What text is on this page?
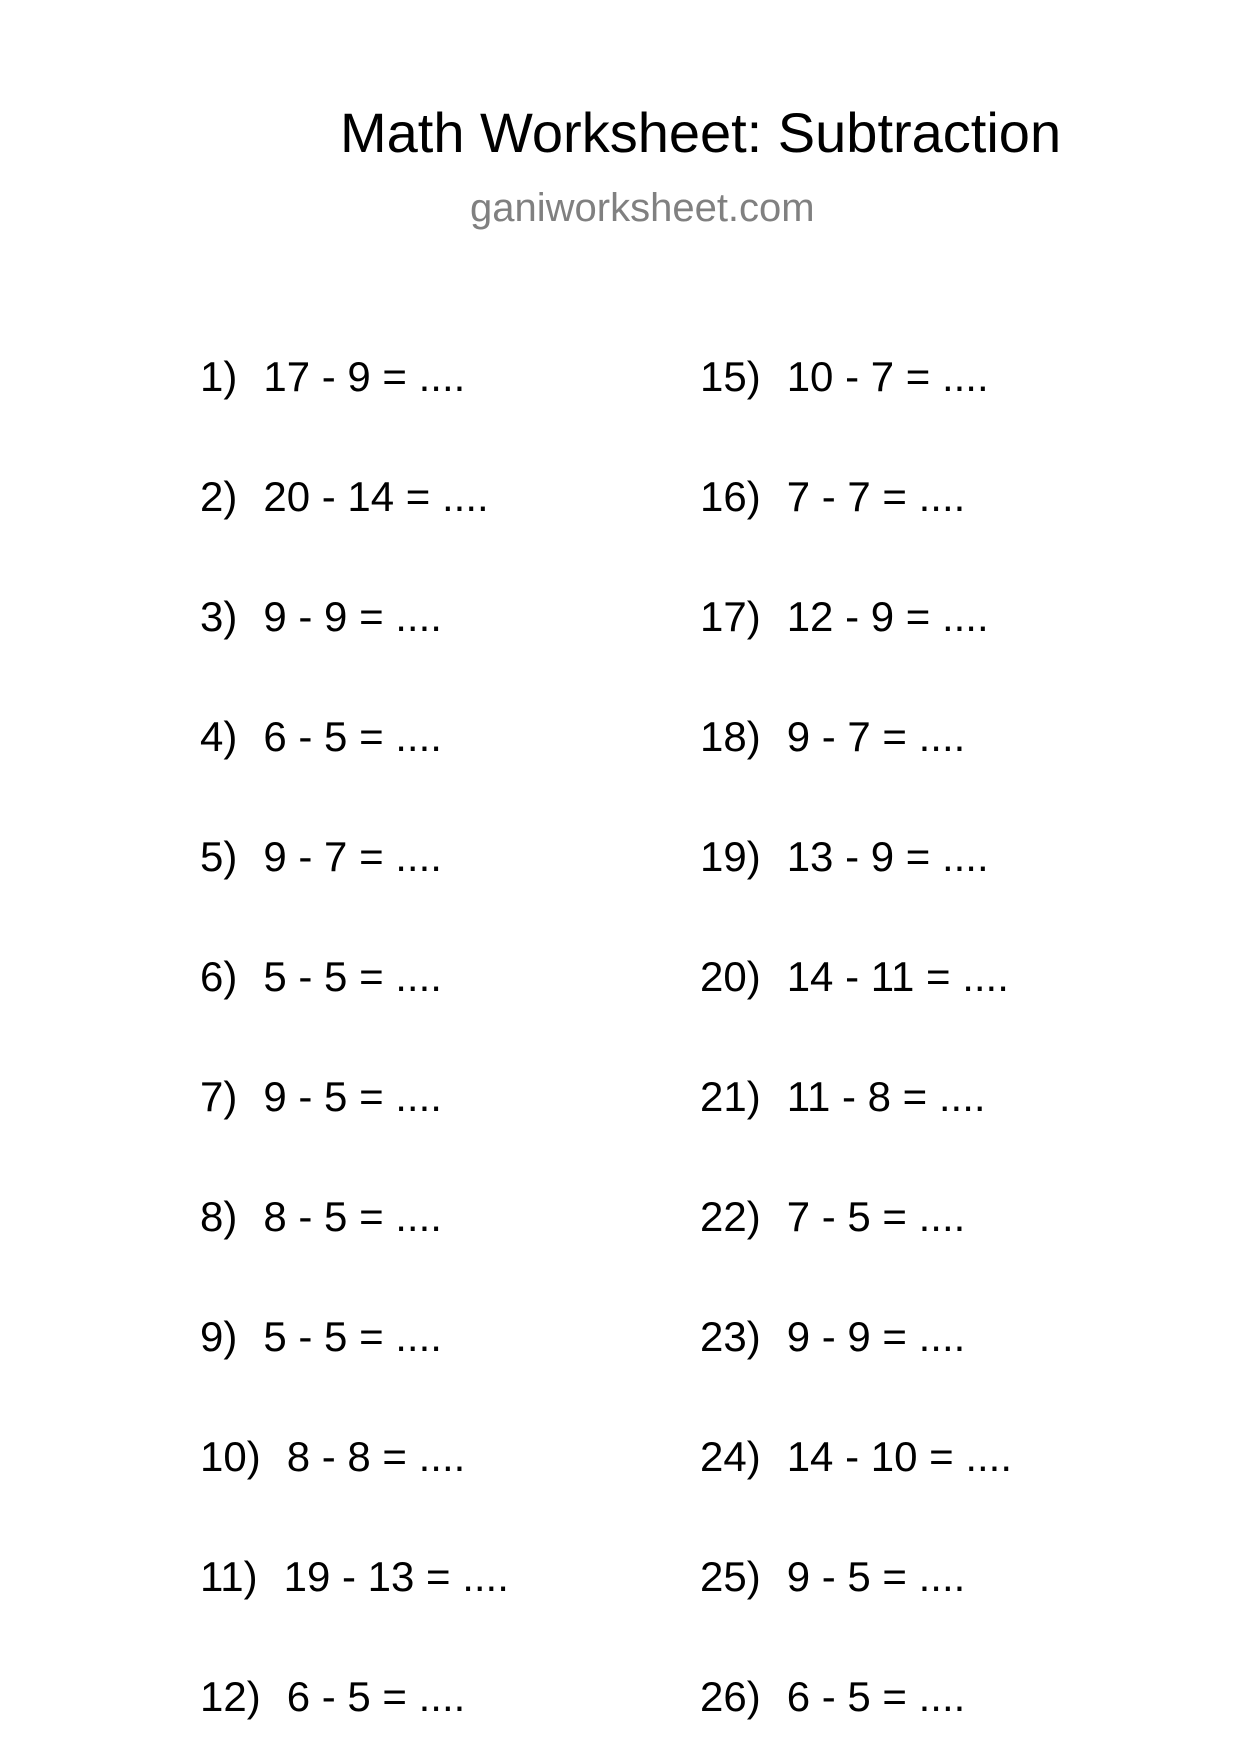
Math Worksheet: Subtraction
ganiworksheet.com
1) 17 - 9 = ....
2) 20 - 14 = ....
3) 9 - 9 = ....
4) 6 - 5 = ....
5) 9 - 7 = ....
6) 5 - 5 = ....
7) 9 - 5 = ....
8) 8 - 5 = ....
9) 5 - 5 = ....
10) 8 - 8 = ....
11) 19 - 13 = ....
12) 6 - 5 = ....
15) 10 - 7 = ....
16) 7 - 7 = ....
17) 12 - 9 = ....
18) 9 - 7 = ....
19) 13 - 9 = ....
20) 14 - 11 = ....
21) 11 - 8 = ....
22) 7 - 5 = ....
23) 9 - 9 = ....
24) 14 - 10 = ....
25) 9 - 5 = ....
26) 6 - 5 = ....
